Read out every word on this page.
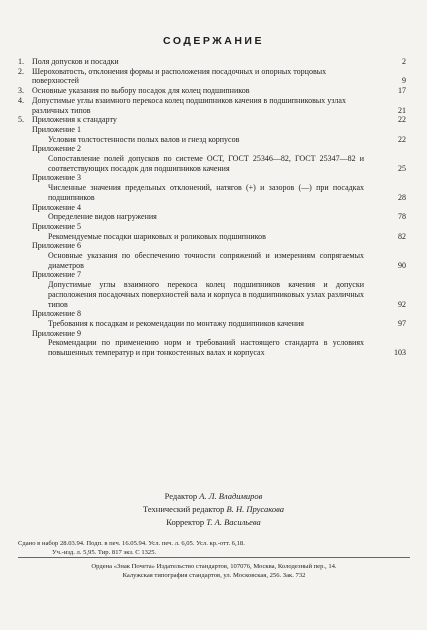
СОДЕРЖАНИЕ
1.	Поля допусков и посадки	2
2.	Шероховатость, отклонения формы и расположения посадочных и опорных торцовых поверхностей	9
3.	Основные указания по выбору посадок для колец подшипников	17
4.	Допустимые углы взаимного перекоса колец подшипников качения в подшипниковых узлах различных типов	21
5.	Приложения к стандарту	22
Приложение 1
Условия толстостенности полых валов и гнезд корпусов	22
Приложение 2
Сопоставление полей допусков по системе ОСТ, ГОСТ 25346—82, ГОСТ 25347—82 и соответствующих посадок для подшипников качения	25
Приложение 3
Численные значения предельных отклонений, натягов (+) и зазоров (—) при посадках подшипников	28
Приложение 4
Определение видов нагружения	78
Приложение 5
Рекомендуемые посадки шариковых и роликовых подшипников	82
Приложение 6
Основные указания по обеспечению точности сопряжений и измерениям сопрягаемых диаметров	90
Приложение 7
Допустимые углы взаимного перекоса колец подшипников качения и допуски расположения посадочных поверхностей вала и корпуса в подшипниковых узлах различных типов	92
Приложение 8
Требования к посадкам и рекомендации по монтажу подшипников качения	97
Приложение 9
Рекомендации по применению норм и требований настоящего стандарта в условиях повышенных температур и при тонкостенных валах и корпусах	103
Редактор А. Л. Владимиров
Технический редактор В. Н. Прусакова
Корректор Т. А. Васильева
Сдано в набор 28.03.94. Подп. в печ. 16.05.94. Усл. печ. л. 6,05. Усл. кр.-отт. 6,18.
Уч.-изд. л. 5,95. Тир. 817 экз. С 1325.
Ордена «Знак Почета» Издательство стандартов, 107076, Москва, Колодезный пер., 14.
Калужская типография стандартов, ул. Московская, 256. Зак. 732
